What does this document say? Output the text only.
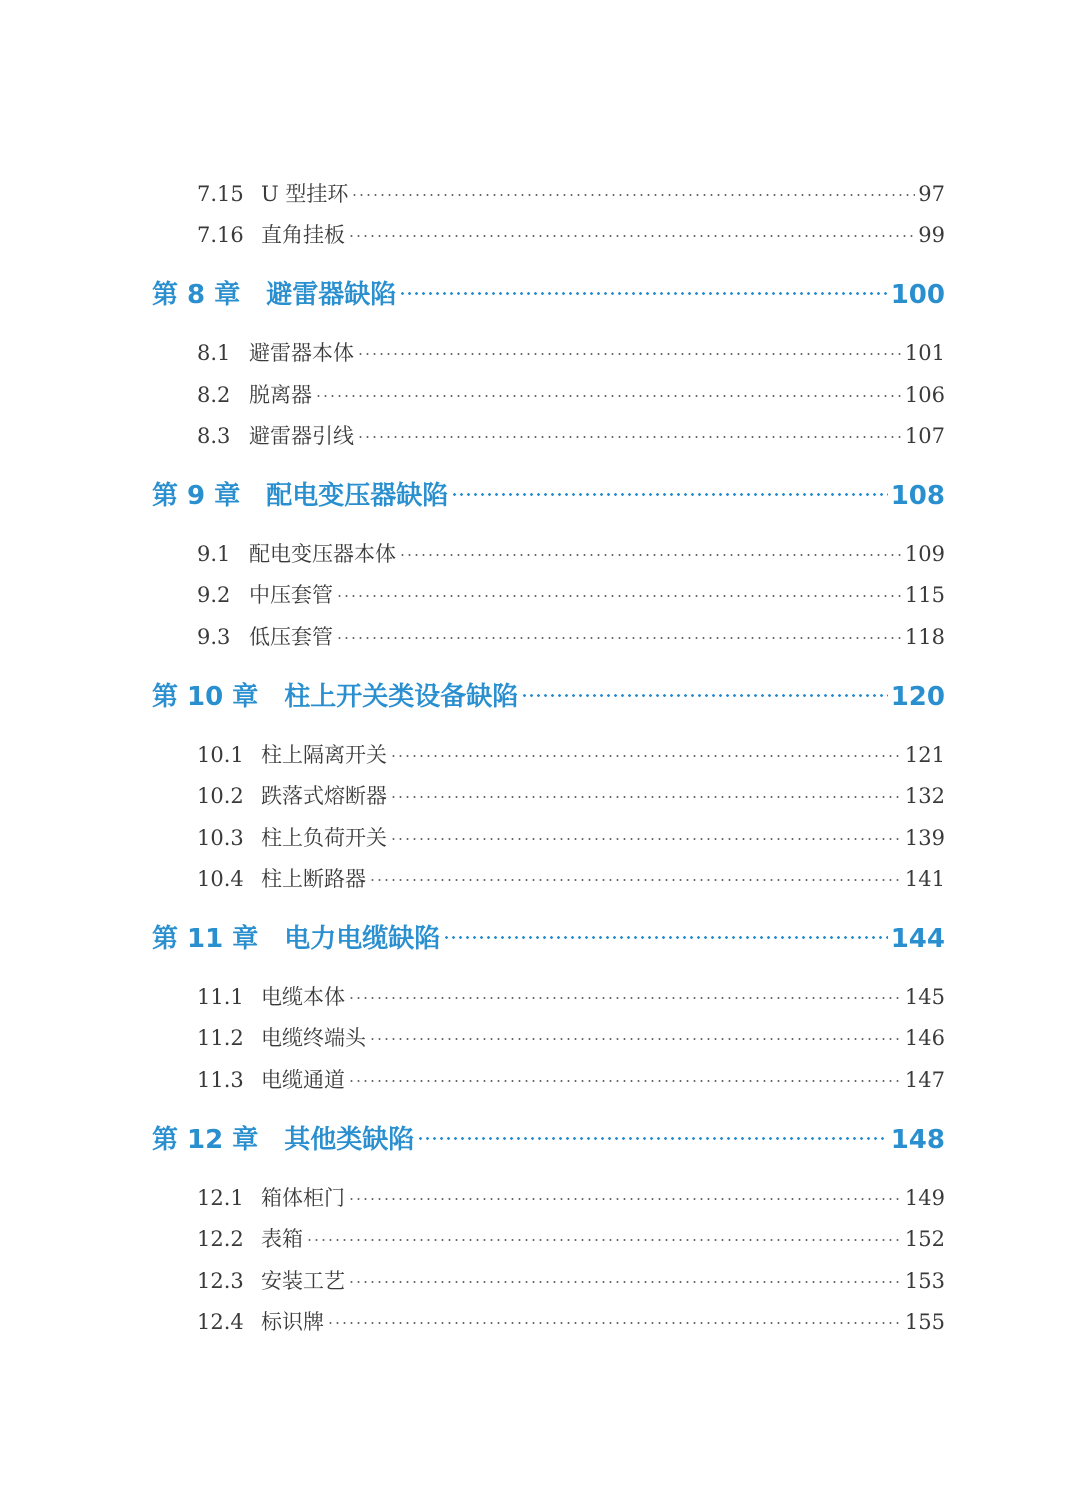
7.15 U 型挂环	97
7.16 直角挂板	99
第 8 章 避雷器缺陷	100
8.1 避雷器本体	101
8.2 脱离器	106
8.3 避雷器引线	107
第 9 章 配电变压器缺陷	108
9.1 配电变压器本体	109
9.2 中压套管	115
9.3 低压套管	118
第 10 章 柱上开关类设备缺陷	120
10.1 柱上隔离开关	121
10.2 跌落式熔断器	132
10.3 柱上负荷开关	139
10.4 柱上断路器	141
第 11 章 电力电缆缺陷	144
11.1 电缆本体	145
11.2 电缆终端头	146
11.3 电缆通道	147
第 12 章 其他类缺陷	148
12.1 箱体柜门	149
12.2 表箱	152
12.3 安装工艺	153
12.4 标识牌	155
